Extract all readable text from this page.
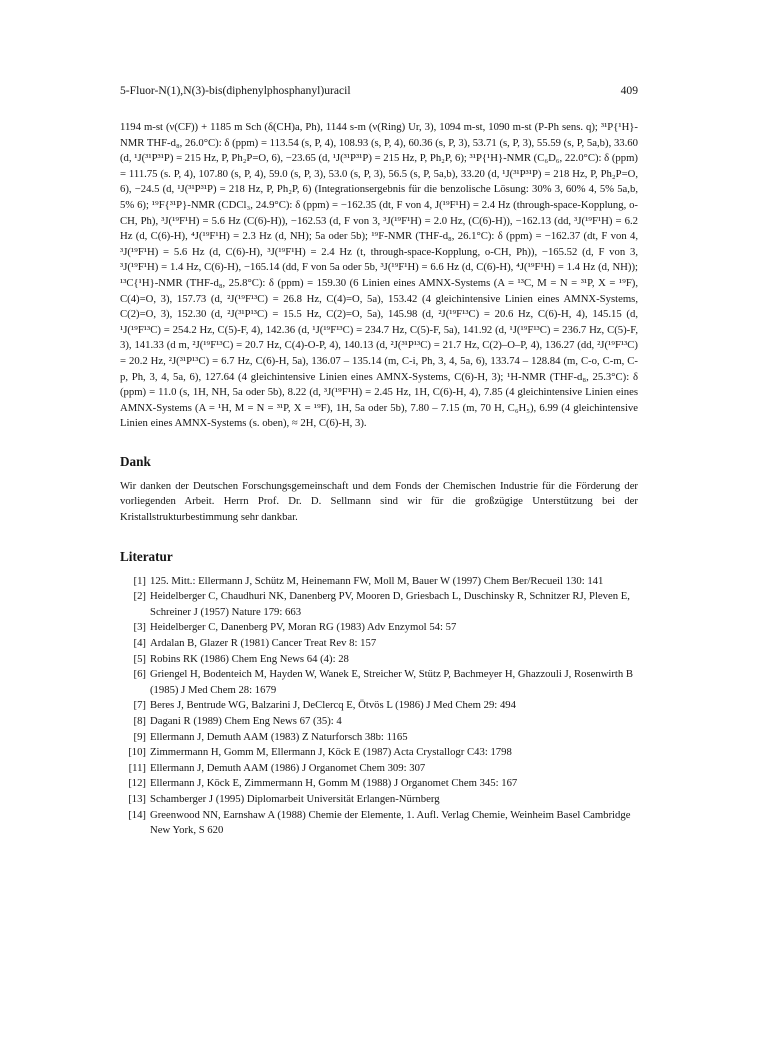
5-Fluor-N(1),N(3)-bis(diphenylphosphanyl)uracil	409
1194 m-st (ν(CF)) + 1185 m Sch (δ(CH)a, Ph), 1144 s-m (ν(Ring) Ur, 3), 1094 m-st, 1090 m-st (P-Ph sens. q); ³¹P{¹H}-NMR THF-d₈, 26.0°C): δ (ppm) = 113.54 (s, P, 4), 108.93 (s, P, 4), 60.36 (s, P, 3), 53.71 (s, P, 3), 55.59 (s, P, 5a,b), 33.60 (d, ¹J(³¹P³¹P) = 215 Hz, P, Ph₂P=O, 6), −23.65 (d, ¹J(³¹P³¹P) = 215 Hz, P, Ph₂P, 6); ³¹P{¹H}-NMR (C₆D₆, 22.0°C): δ (ppm) = 111.75 (s. P, 4), 107.80 (s, P, 4), 59.0 (s, P, 3), 53.0 (s, P, 3), 56.5 (s, P, 5a,b), 33.20 (d, ¹J(³¹P³¹P) = 218 Hz, P, Ph₂P=O, 6), −24.5 (d, ¹J(³¹P³¹P) = 218 Hz, P, Ph₂P, 6) (Integrationsergebnis für die benzolische Lösung: 30% 3, 60% 4, 5% 5a,b, 5% 6); ¹⁹F{³¹P}-NMR (CDCl₃, 24.9°C): δ (ppm) = −162.35 (dt, F von 4, J(¹⁹F¹H) = 2.4 Hz (through-space-Kopplung, o-CH, Ph), ³J(¹⁹F¹H) = 5.6 Hz (C(6)-H)), −162.53 (d, F von 3, ³J(¹⁹F¹H) = 2.0 Hz, (C(6)-H)), −162.13 (dd, ³J(¹⁹F¹H) = 6.2 Hz (d, C(6)-H), ⁴J(¹⁹F¹H) = 2.3 Hz (d, NH); 5a oder 5b); ¹⁹F-NMR (THF-d₈, 26.1°C): δ (ppm) = −162.37 (dt, F von 4, ³J(¹⁹F¹H) = 5.6 Hz (d, C(6)-H), ³J(¹⁹F¹H) = 2.4 Hz (t, through-space-Kopplung, o-CH, Ph)), −165.52 (d, F von 3, ³J(¹⁹F¹H) = 1.4 Hz, C(6)-H), −165.14 (dd, F von 5a oder 5b, ³J(¹⁹F¹H) = 6.6 Hz (d, C(6)-H), ⁴J(¹⁹F¹H) = 1.4 Hz (d, NH)); ¹³C{¹H}-NMR (THF-d₈, 25.8°C): δ (ppm) = 159.30 (6 Linien eines AMNX-Systems (A = ¹³C, M = N = ³¹P, X = ¹⁹F), C(4)=O, 3), 157.73 (d, ²J(¹⁹F¹³C) = 26.8 Hz, C(4)=O, 5a), 153.42 (4 gleichintensive Linien eines AMNX-Systems, C(2)=O, 3), 152.30 (d, ²J(³¹P¹³C) = 15.5 Hz, C(2)=O, 5a), 145.98 (d, ²J(¹⁹F¹³C) = 20.6 Hz, C(6)-H, 4), 145.15 (d, ¹J(¹⁹F¹³C) = 254.2 Hz, C(5)-F, 4), 142.36 (d, ¹J(¹⁹F¹³C) = 234.7 Hz, C(5)-F, 5a), 141.92 (d, ¹J(¹⁹F¹³C) = 236.7 Hz, C(5)-F, 3), 141.33 (d m, ²J(¹⁹F¹³C) = 20.7 Hz, C(4)-O-P, 4), 140.13 (d, ²J(³¹P¹³C) = 21.7 Hz, C(2)–O–P, 4), 136.27 (dd, ²J(¹⁹F¹³C) = 20.2 Hz, ²J(³¹P¹³C) = 6.7 Hz, C(6)-H, 5a), 136.07 – 135.14 (m, C-i, Ph, 3, 4, 5a, 6), 133.74 – 128.84 (m, C-o, C-m, C-p, Ph, 3, 4, 5a, 6), 127.64 (4 gleichintensive Linien eines AMNX-Systems, C(6)-H, 3); ¹H-NMR (THF-d₈, 25.3°C): δ (ppm) = 11.0 (s, 1H, NH, 5a oder 5b), 8.22 (d, ³J(¹⁹F¹H) = 2.45 Hz, 1H, C(6)-H, 4), 7.85 (4 gleichintensive Linien eines AMNX-Systems (A = ¹H, M = N = ³¹P, X = ¹⁹F), 1H, 5a oder 5b), 7.80 – 7.15 (m, 70 H, C₆H₅), 6.99 (4 gleichintensive Linien eines AMNX-Systems (s. oben), ≈ 2H, C(6)-H, 3).
Dank
Wir danken der Deutschen Forschungsgemeinschaft und dem Fonds der Chemischen Industrie für die Förderung der vorliegenden Arbeit. Herrn Prof. Dr. D. Sellmann sind wir für die großzügige Unterstützung bei der Kristallstrukturbestimmung sehr dankbar.
Literatur
[1] 125. Mitt.: Ellermann J, Schütz M, Heinemann FW, Moll M, Bauer W (1997) Chem Ber/Recueil 130: 141
[2] Heidelberger C, Chaudhuri NK, Danenberg PV, Mooren D, Griesbach L, Duschinsky R, Schnitzer RJ, Pleven E, Schreiner J (1957) Nature 179: 663
[3] Heidelberger C, Danenberg PV, Moran RG (1983) Adv Enzymol 54: 57
[4] Ardalan B, Glazer R (1981) Cancer Treat Rev 8: 157
[5] Robins RK (1986) Chem Eng News 64 (4): 28
[6] Griengel H, Bodenteich M, Hayden W, Wanek E, Streicher W, Stütz P, Bachmeyer H, Ghazzouli J, Rosenwirth B (1985) J Med Chem 28: 1679
[7] Beres J, Bentrude WG, Balzarini J, DeClercq E, Ötvös L (1986) J Med Chem 29: 494
[8] Dagani R (1989) Chem Eng News 67 (35): 4
[9] Ellermann J, Demuth AAM (1983) Z Naturforsch 38b: 1165
[10] Zimmermann H, Gomm M, Ellermann J, Köck E (1987) Acta Crystallogr C43: 1798
[11] Ellermann J, Demuth AAM (1986) J Organomet Chem 309: 307
[12] Ellermann J, Köck E, Zimmermann H, Gomm M (1988) J Organomet Chem 345: 167
[13] Schamberger J (1995) Diplomarbeit Universität Erlangen-Nürnberg
[14] Greenwood NN, Earnshaw A (1988) Chemie der Elemente, 1. Aufl. Verlag Chemie, Weinheim Basel Cambridge New York, S 620
